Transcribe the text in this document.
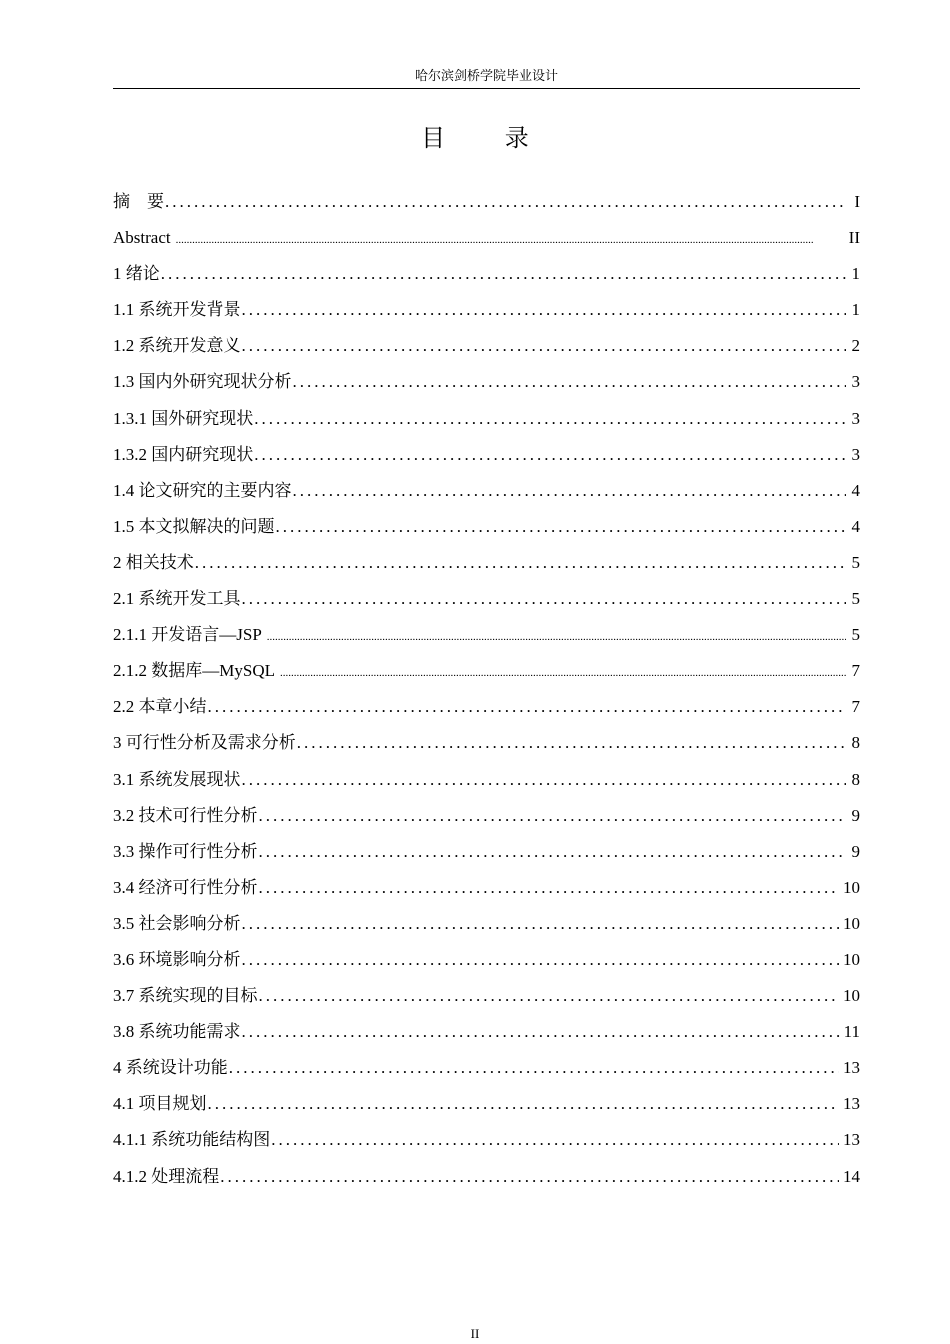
哈尔滨剑桥学院毕业设计
目 录
摘　要 .....	I
Abstract .....	II
1 绪论 .....	1
1.1 系统开发背景 .....	1
1.2 系统开发意义 .....	2
1.3 国内外研究现状分析 .....	3
1.3.1 国外研究现状 .....	3
1.3.2 国内研究现状 .....	3
1.4 论文研究的主要内容 .....	4
1.5 本文拟解决的问题 .....	4
2 相关技术 .....	5
2.1 系统开发工具 .....	5
2.1.1 开发语言—JSP .....	5
2.1.2 数据库—MySQL .....	7
2.2 本章小结 .....	7
3 可行性分析及需求分析 .....	8
3.1 系统发展现状 .....	8
3.2 技术可行性分析 .....	9
3.3 操作可行性分析 .....	9
3.4 经济可行性分析 .....	10
3.5 社会影响分析 .....	10
3.6 环境影响分析 .....	10
3.7 系统实现的目标 .....	10
3.8 系统功能需求 .....	11
4 系统设计功能 .....	13
4.1 项目规划 .....	13
4.1.1 系统功能结构图 .....	13
4.1.2 处理流程 .....	14
II
